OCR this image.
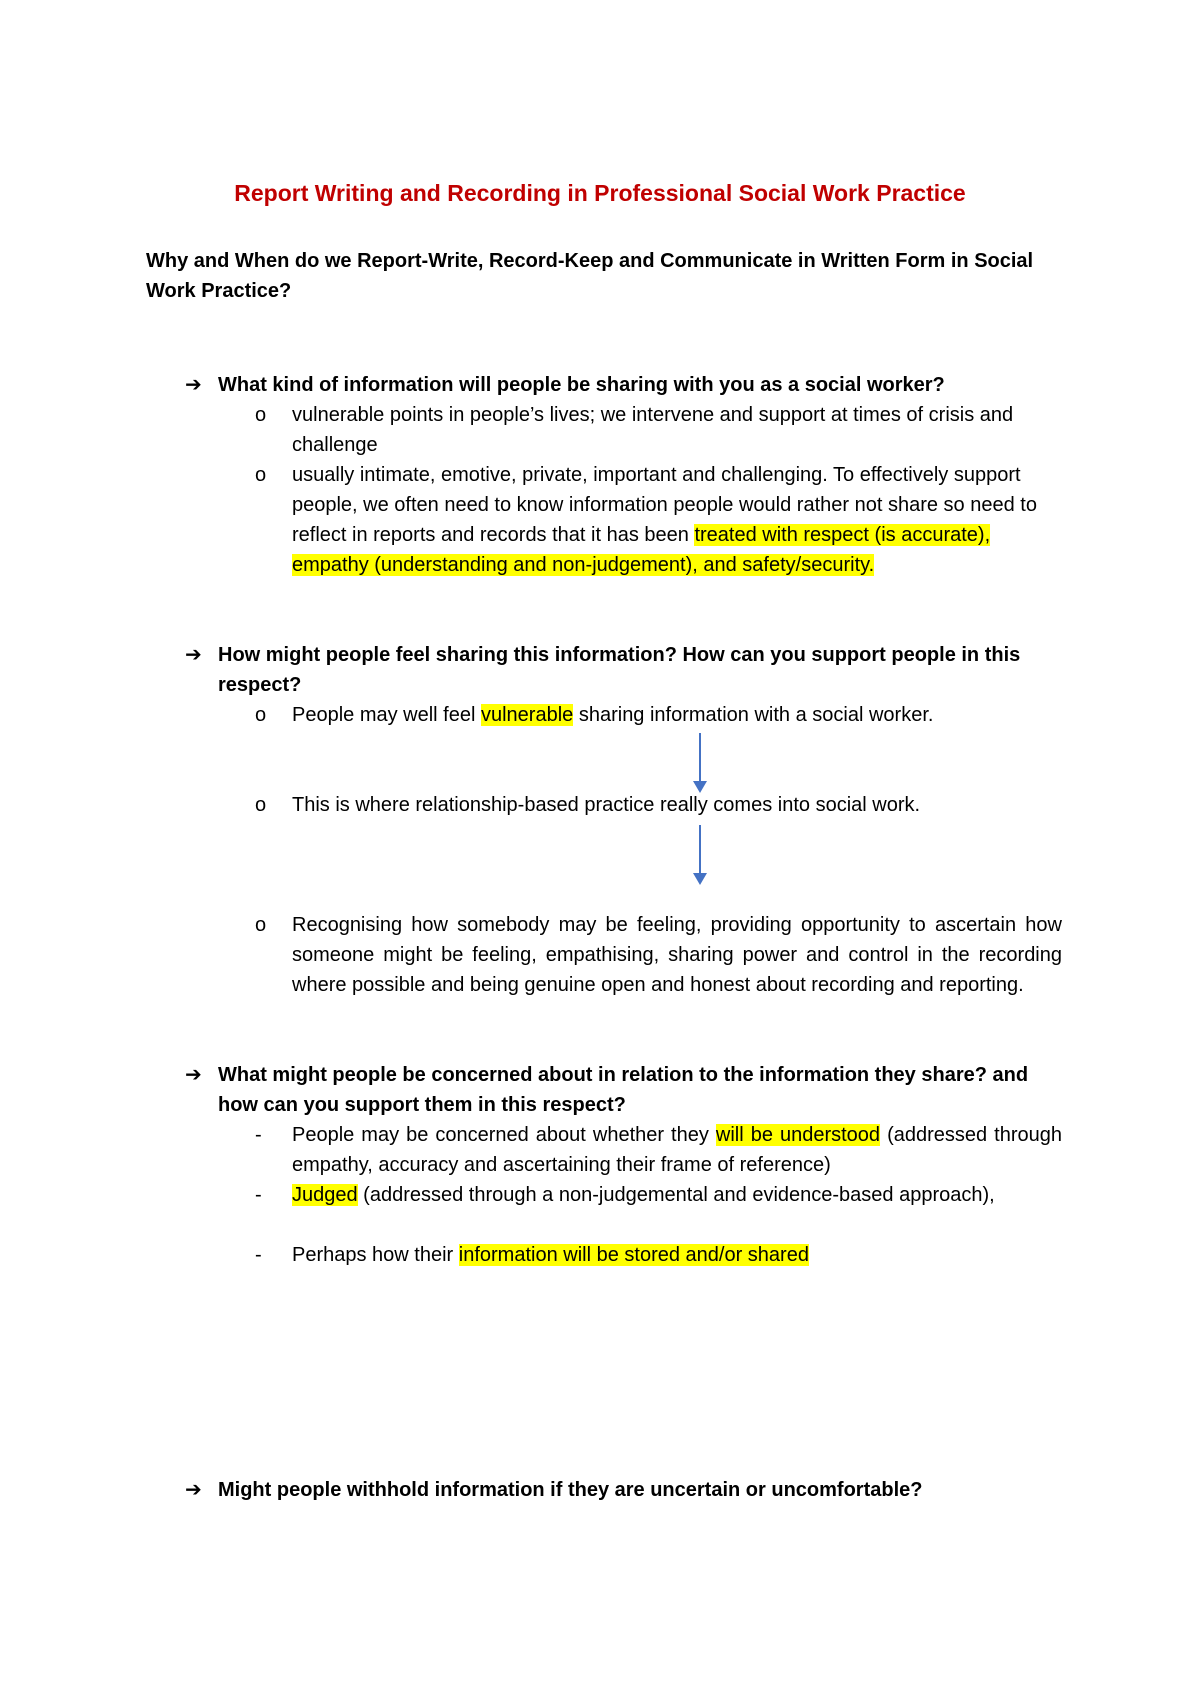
Report Writing and Recording in Professional Social Work Practice
Why and When do we Report-Write, Record-Keep and Communicate in Written Form in Social Work Practice?
➔ What kind of information will people be sharing with you as a social worker?
o	vulnerable points in people’s lives; we intervene and support at times of crisis and challenge
o	usually intimate, emotive, private, important and challenging. To effectively support people, we often need to know information people would rather not share so need to reflect in reports and records that it has been treated with respect (is accurate), empathy (understanding and non-judgement), and safety/security.
➔ How might people feel sharing this information? How can you support people in this respect?
o	People may well feel vulnerable sharing information with a social worker.
o	This is where relationship-based practice really comes into social work.
o	Recognising how somebody may be feeling, providing opportunity to ascertain how someone might be feeling, empathising, sharing power and control in the recording where possible and being genuine open and honest about recording and reporting.
➔ What might people be concerned about in relation to the information they share? and how can you support them in this respect?
-	People may be concerned about whether they will be understood (addressed through empathy, accuracy and ascertaining their frame of reference)
-	Judged (addressed through a non-judgemental and evidence-based approach),
-	Perhaps how their information will be stored and/or shared
➔ Might people withhold information if they are uncertain or uncomfortable?
